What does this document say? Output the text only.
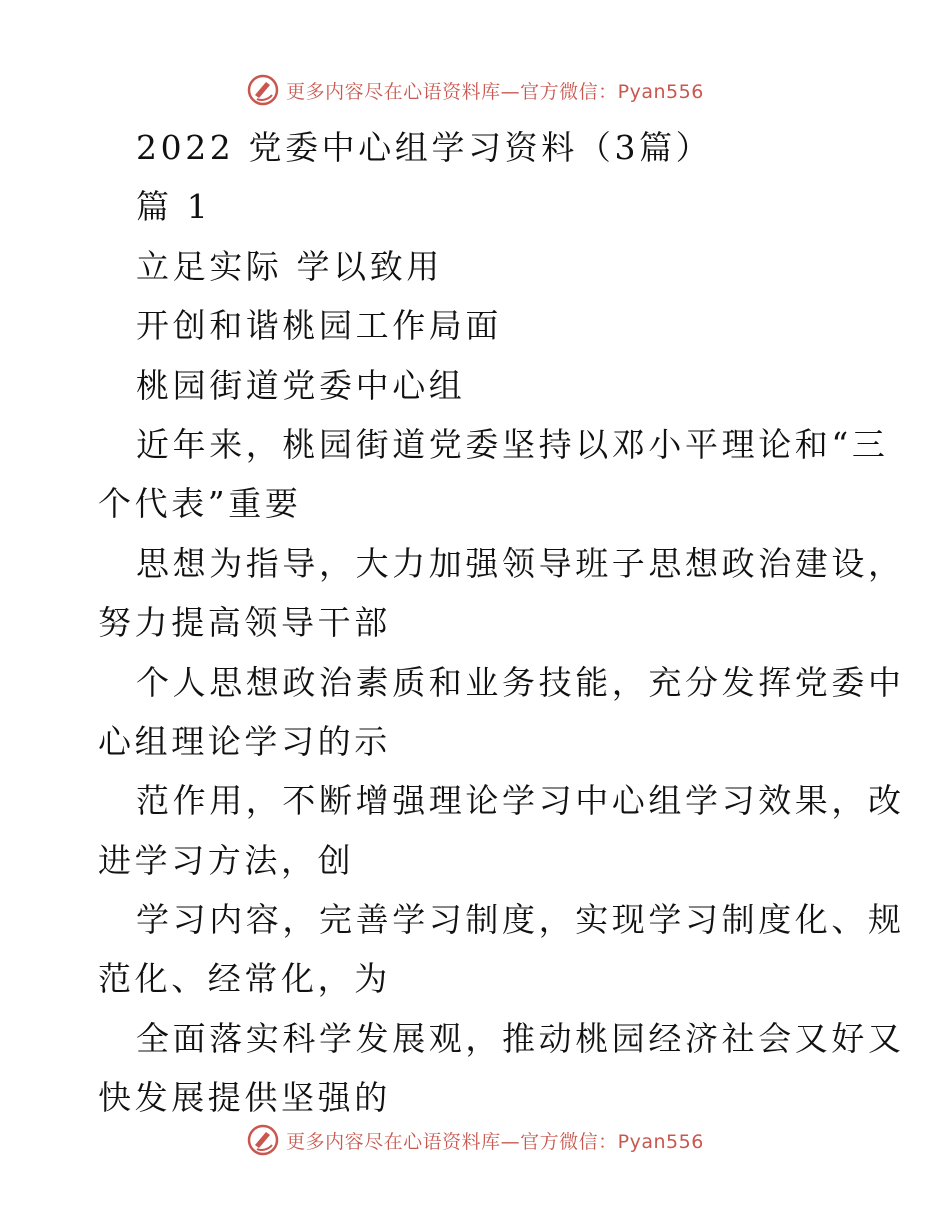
更多内容尽在心语资料库—官方微信：Pyan556
2022 党委中心组学习资料（3篇）
篇 1
立足实际 学以致用
开创和谐桃园工作局面
桃园街道党委中心组
近年来，桃园街道党委坚持以邓小平理论和“三
个代表”重要
思想为指导，大力加强领导班子思想政治建设，
努力提高领导干部
个人思想政治素质和业务技能，充分发挥党委中
心组理论学习的示
范作用，不断增强理论学习中心组学习效果，改
进学习方法，创
学习内容，完善学习制度，实现学习制度化、规
范化、经常化，为
全面落实科学发展观，推动桃园经济社会又好又
快发展提供坚强的
更多内容尽在心语资料库—官方微信：Pyan556
